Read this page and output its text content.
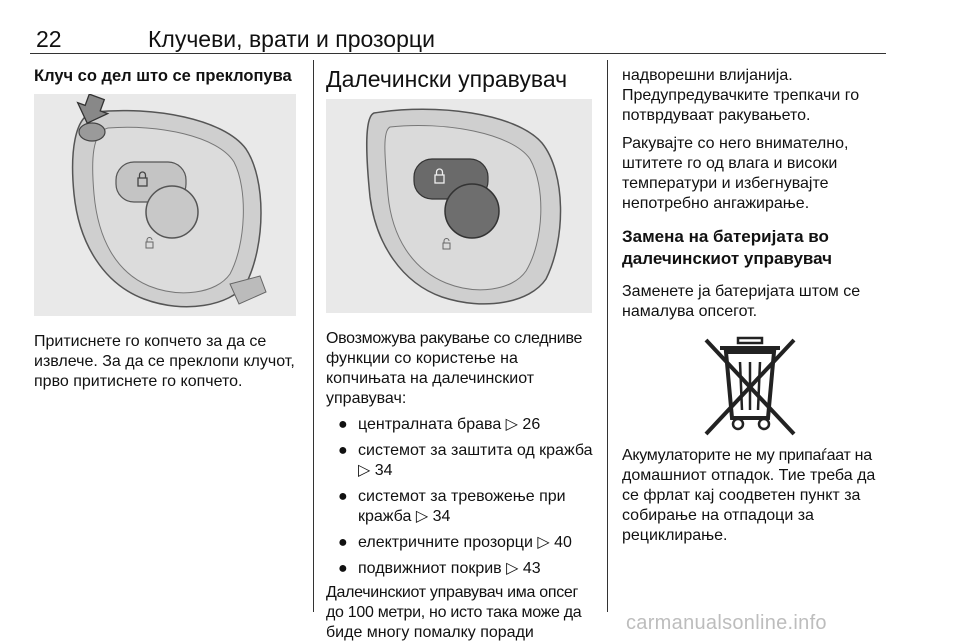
22	Клучеви, врати и прозорци
Клуч со дел што се преклопува

Притиснете го копчето за да се

извлече. За да се преклопи клучот,

прво притиснете го копчето.

Далечински управувач

Овозможува ракување со следниве

функции со користење на

копчињата на далечинскиот

управувач:

● централната брава ▷ 26
● системот за заштита од кражба
▷ 34
● системот за тревожење при
кражба ▷ 34
● електричните прозорци ▷ 40
● подвижниот покрив ▷ 43

Далечинскиот управувач има опсег

до 100 метри, но исто така може да

биде многу помалку поради

надворешни влијанија.

Предупредувачките трепкачи го

потврдуваат ракувањето.

Ракувајте со него внимателно,

штитете го од влага и високи

температури и избегнувајте

непотребно ангажирање.

Замена на батеријата во
далечинскиот управувач

Заменете ја батеријата штом се

намалува опсегот.

Акумулаторите не му припаѓаат на

домашниот отпадок. Тие треба да

се фрлат кај соодветен пункт за

собирање на отпадоци за

рециклирање.

carmanualsonline.info
